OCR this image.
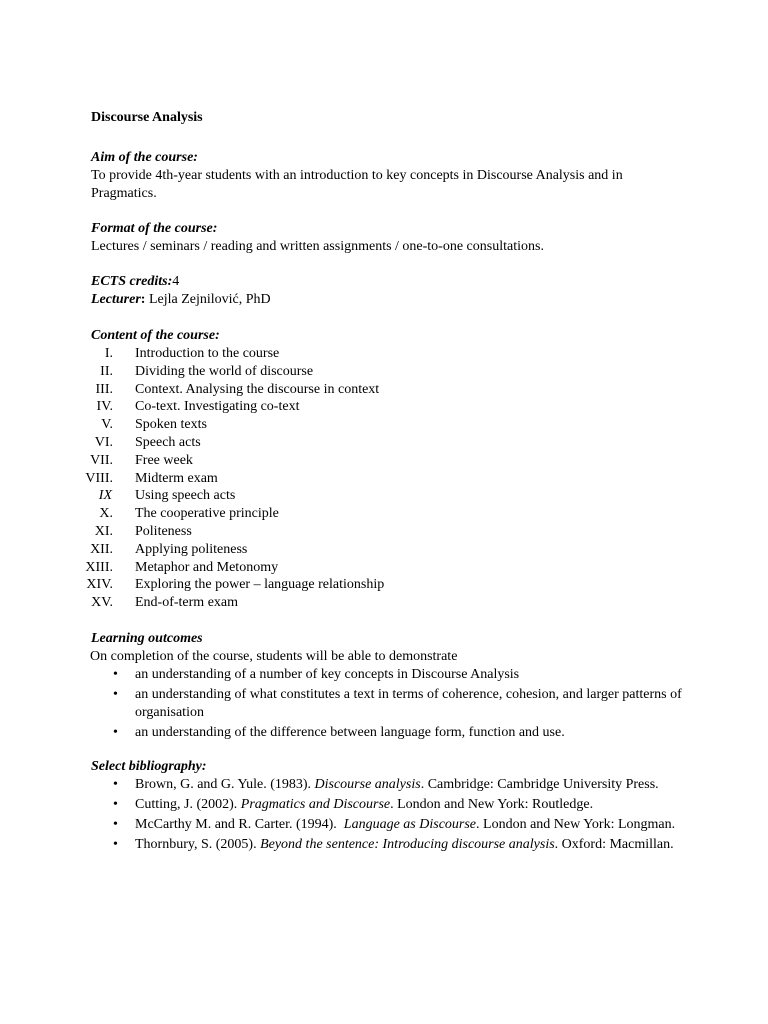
Discourse Analysis
Aim of the course:
To provide 4th-year students with an introduction to key concepts in Discourse Analysis and in Pragmatics.
Format of the course:
Lectures / seminars / reading and written assignments / one-to-one consultations.
ECTS credits:4
Lecturer: Lejla Zejnilović, PhD
Content of the course:
I. Introduction to the course
II. Dividing the world of discourse
III. Context. Analysing the discourse in context
IV. Co-text. Investigating co-text
V. Spoken texts
VI. Speech acts
VII. Free week
VIII. Midterm exam
IX Using speech acts
X. The cooperative principle
XI. Politeness
XII. Applying politeness
XIII. Metaphor and Metonomy
XIV. Exploring the power – language relationship
XV. End-of-term exam
Learning outcomes
On completion of the course, students will be able to demonstrate
• an understanding of a number of key concepts in Discourse Analysis
• an understanding of what constitutes a text in terms of coherence, cohesion, and larger patterns of organisation
• an understanding of the difference between language form, function and use.
Select bibliography:
• Brown, G. and G. Yule. (1983). Discourse analysis. Cambridge: Cambridge University Press.
• Cutting, J. (2002). Pragmatics and Discourse. London and New York: Routledge.
• McCarthy M. and R. Carter. (1994).  Language as Discourse. London and New York: Longman.
• Thornbury, S. (2005). Beyond the sentence: Introducing discourse analysis. Oxford: Macmillan.
